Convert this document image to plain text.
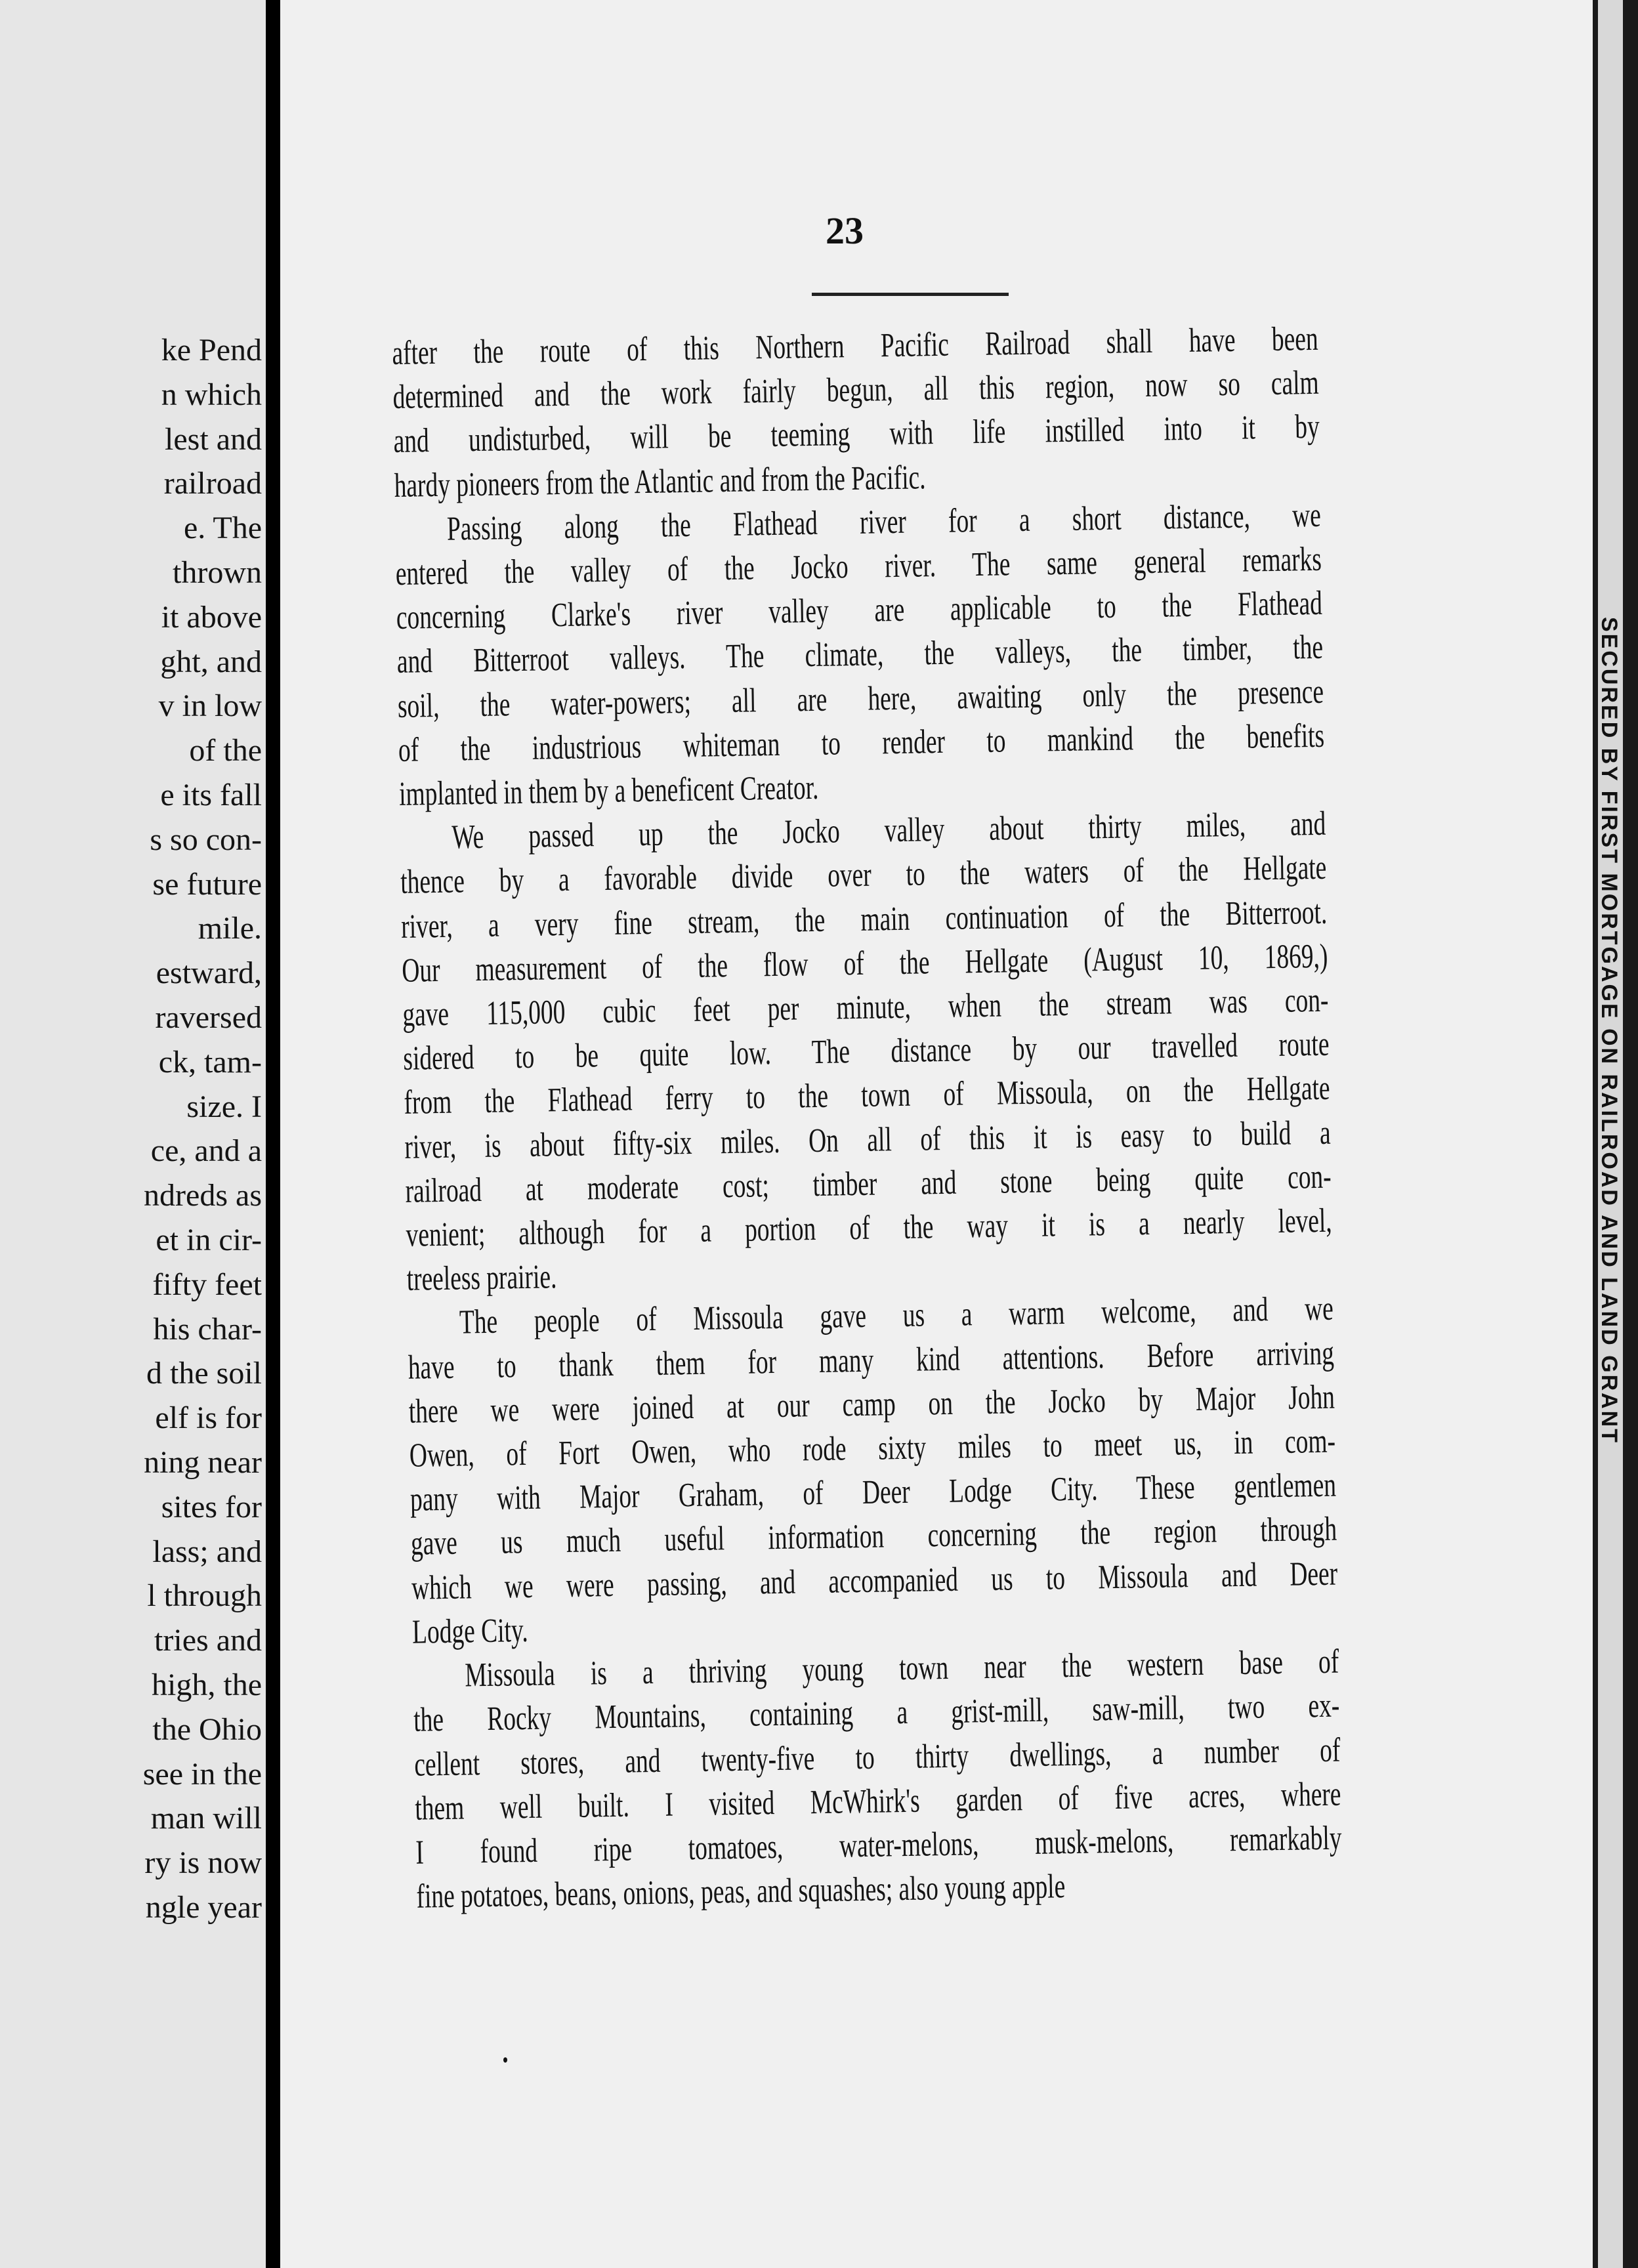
ke Pend
n which
lest and
railroad
e. The
thrown
it above
ght, and
v in low
of the
e its fall
s so con-
se future
mile.
estward,
raversed
ck, tam-
size. I
ce, and a
ndreds as
et in cir-
fifty feet
his char-
d the soil
elf is for
ning near
sites for
lass; and
l through
tries and
high, the
the Ohio
see in the
man will
ry is now
ngle year
23
after the route of this Northern Pacific Railroad shall have been
determined and the work fairly begun, all this region, now so calm
and undisturbed, will be teeming with life instilled into it by
hardy pioneers from the Atlantic and from the Pacific.
Passing along the Flathead river for a short distance, we
entered the valley of the Jocko river. The same general remarks
concerning Clarke's river valley are applicable to the Flathead
and Bitterroot valleys. The climate, the valleys, the timber, the
soil, the water-powers; all are here, awaiting only the presence
of the industrious whiteman to render to mankind the benefits
implanted in them by a beneficent Creator.
We passed up the Jocko valley about thirty miles, and
thence by a favorable divide over to the waters of the Hellgate
river, a very fine stream, the main continuation of the Bitterroot.
Our measurement of the flow of the Hellgate (August 10, 1869,)
gave 115,000 cubic feet per minute, when the stream was con-
sidered to be quite low. The distance by our travelled route
from the Flathead ferry to the town of Missoula, on the Hellgate
river, is about fifty-six miles. On all of this it is easy to build a
railroad at moderate cost; timber and stone being quite con-
venient; although for a portion of the way it is a nearly level,
treeless prairie.
The people of Missoula gave us a warm welcome, and we
have to thank them for many kind attentions. Before arriving
there we were joined at our camp on the Jocko by Major John
Owen, of Fort Owen, who rode sixty miles to meet us, in com-
pany with Major Graham, of Deer Lodge City. These gentlemen
gave us much useful information concerning the region through
which we were passing, and accompanied us to Missoula and Deer
Lodge City.
Missoula is a thriving young town near the western base of
the Rocky Mountains, containing a grist-mill, saw-mill, two ex-
cellent stores, and twenty-five to thirty dwellings, a number of
them well built. I visited McWhirk's garden of five acres, where
I found ripe tomatoes, water-melons, musk-melons, remarkably
fine potatoes, beans, onions, peas, and squashes; also young apple
SECURED BY FIRST MORTGAGE ON RAILROAD AND LAND GRANT
